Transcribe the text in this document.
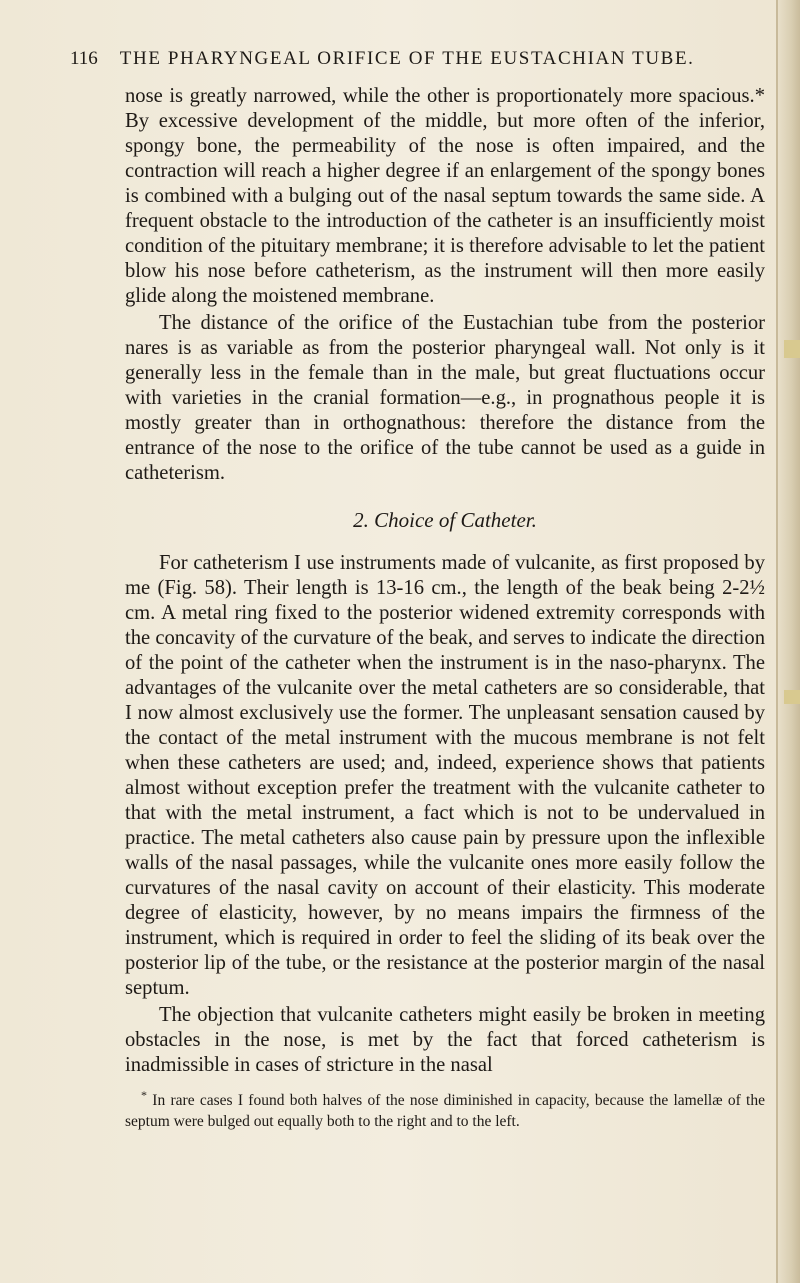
116 THE PHARYNGEAL ORIFICE OF THE EUSTACHIAN TUBE.

nose is greatly narrowed, while the other is proportionately more spacious.* By excessive development of the middle, but more often of the inferior, spongy bone, the permeability of the nose is often impaired, and the contraction will reach a higher degree if an enlargement of the spongy bones is combined with a bulging out of the nasal septum towards the same side. A frequent obstacle to the introduction of the catheter is an insufficiently moist condition of the pituitary membrane; it is therefore advisable to let the patient blow his nose before catheterism, as the instrument will then more easily glide along the moistened membrane.

The distance of the orifice of the Eustachian tube from the posterior nares is as variable as from the posterior pharyngeal wall. Not only is it generally less in the female than in the male, but great fluctuations occur with varieties in the cranial formation—e.g., in prognathous people it is mostly greater than in orthognathous: therefore the distance from the entrance of the nose to the orifice of the tube cannot be used as a guide in catheterism.

2. Choice of Catheter.

For catheterism I use instruments made of vulcanite, as first proposed by me (Fig. 58). Their length is 13-16 cm., the length of the beak being 2-2½ cm. A metal ring fixed to the posterior widened extremity corresponds with the concavity of the curvature of the beak, and serves to indicate the direction of the point of the catheter when the instrument is in the naso-pharynx. The advantages of the vulcanite over the metal catheters are so considerable, that I now almost exclusively use the former. The unpleasant sensation caused by the contact of the metal instrument with the mucous membrane is not felt when these catheters are used; and, indeed, experience shows that patients almost without exception prefer the treatment with the vulcanite catheter to that with the metal instrument, a fact which is not to be undervalued in practice. The metal catheters also cause pain by pressure upon the inflexible walls of the nasal passages, while the vulcanite ones more easily follow the curvatures of the nasal cavity on account of their elasticity. This moderate degree of elasticity, however, by no means impairs the firmness of the instrument, which is required in order to feel the sliding of its beak over the posterior lip of the tube, or the resistance at the posterior margin of the nasal septum.

The objection that vulcanite catheters might easily be broken in meeting obstacles in the nose, is met by the fact that forced catheterism is inadmissible in cases of stricture in the nasal

* In rare cases I found both halves of the nose diminished in capacity, because the lamellæ of the septum were bulged out equally both to the right and to the left.
